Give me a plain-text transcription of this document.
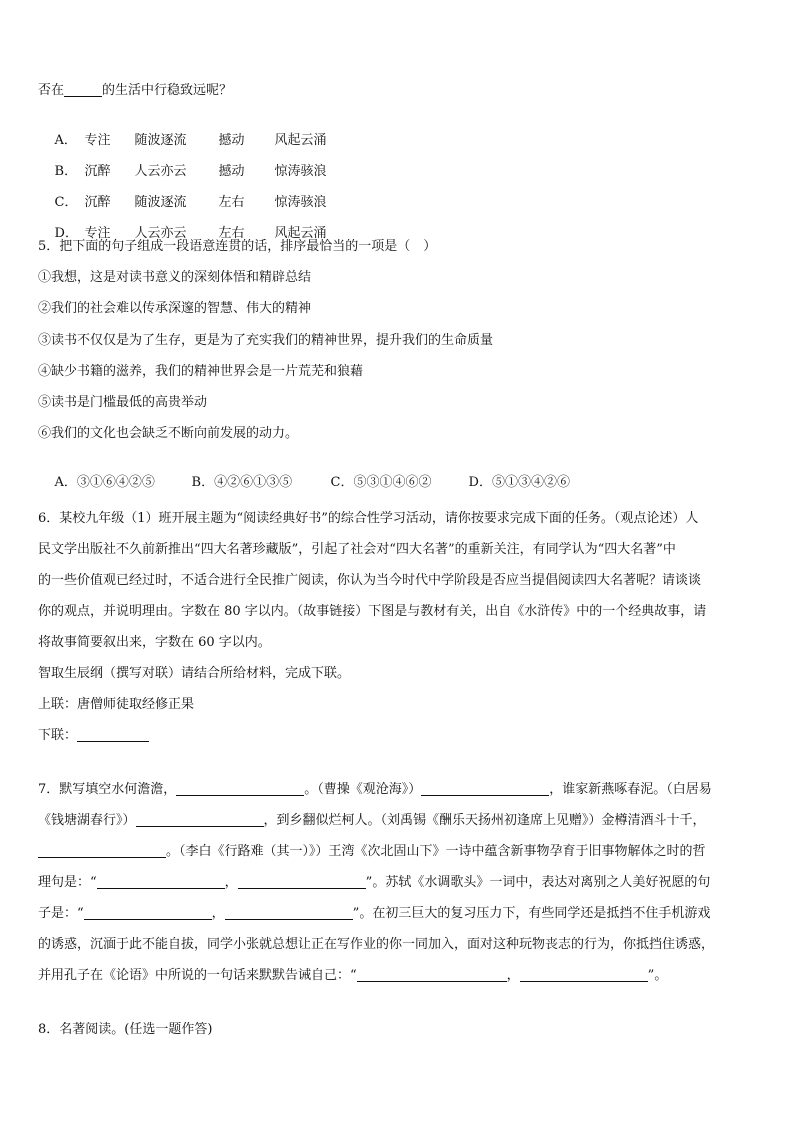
否在	的生活中行稳致远呢？

A． 专注 随波逐流 撼动 风起云涌

B． 沉醉 人云亦云 撼动 惊涛骇浪

C． 沉醉 随波逐流 左右 惊涛骇浪

D． 专注 人云亦云 左右 风起云涌

5．把下面的句子组成一段语意连贯的话，排序最恰当的一项是（　）
①我想，这是对读书意义的深刻体悟和精辟总结
②我们的社会难以传承深邃的智慧、伟大的精神
③读书不仅仅是为了生存，更是为了充实我们的精神世界，提升我们的生命质量
④缺少书籍的滋养，我们的精神世界会是一片荒芜和狼藉
⑤读书是门槛最低的高贵举动
⑥我们的文化也会缺乏不断向前发展的动力。

A．③①⑥④②⑤	B．④②⑥①③⑤	C．⑤③①④⑥②	D．⑤①③④②⑥

6．某校九年级（1）班开展主题为“阅读经典好书”的综合性学习活动，请你按要求完成下面的任务。（观点论述）人
民文学出版社不久前新推出“四大名著珍藏版”，引起了社会对“四大名著”的重新关注，有同学认为“四大名著”中
的一些价值观已经过时，不适合进行全民推广阅读，你认为当今时代中学阶段是否应当提倡阅读四大名著呢？请谈谈
你的观点，并说明理由。字数在 80 字以内。（故事链接）下图是与教材有关，出自《水浒传》中的一个经典故事，请
将故事简要叙出来，字数在 60 字以内。
智取生辰纲（撰写对联）请结合所给材料，完成下联。
上联：唐僧师徒取经修正果
下联：
7．默写填空水何澹澹，	。（曹操《观沧海》）	，谁家新燕啄春泥。（白居易
《钱塘湖春行》）	，到乡翻似烂柯人。（刘禹锡《酬乐天扬州初逢席上见赠》）金樽清酒斗十千，
。（李白《行路难（其一）》）王湾《次北固山下》一诗中蕴含新事物孕育于旧事物解体之时的哲
理句是：“	，	”。苏轼《水调歌头》一词中，表达对离别之人美好祝愿的句
子是：“	，	”。在初三巨大的复习压力下，有些同学还是抵挡不住手机游戏
的诱惑，沉湎于此不能自拔，同学小张就总想让正在写作业的你一同加入，面对这种玩物丧志的行为，你抵挡住诱惑，
并用孔子在《论语》中所说的一句话来默默告诫自己：“	，	”。
8．名著阅读。(任选一题作答)
